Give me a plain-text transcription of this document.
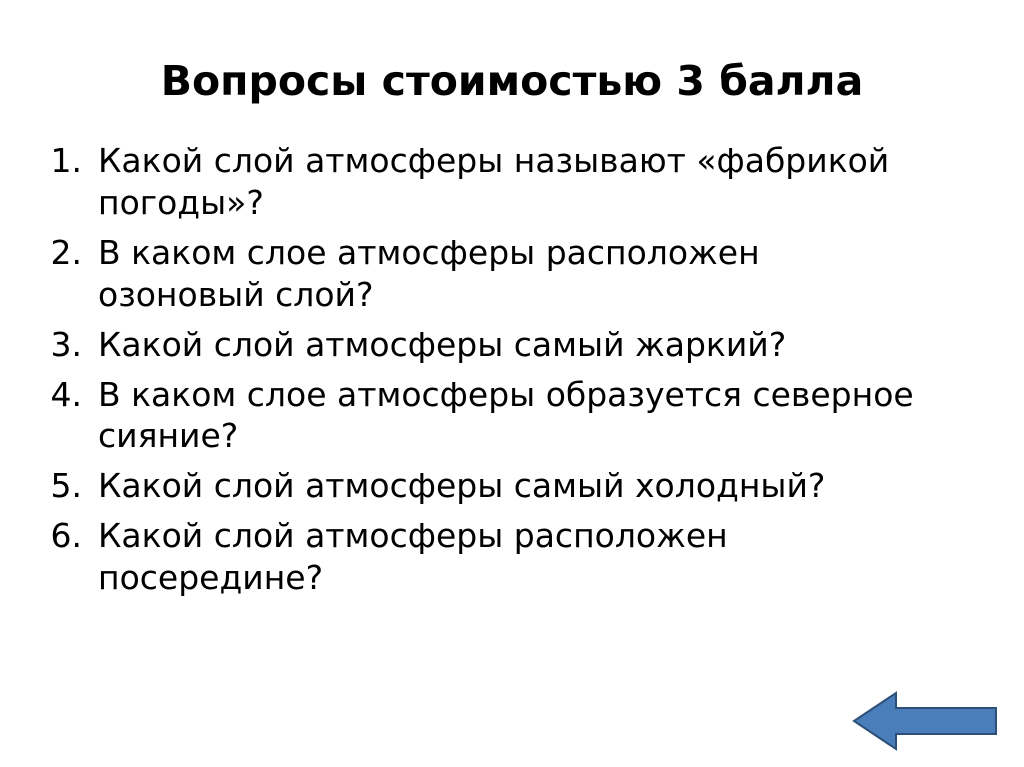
Вопросы стоимостью 3 балла
1. Какой слой атмосферы называют «фабрикой погоды»?
2. В каком слое атмосферы расположен озоновый слой?
3. Какой слой атмосферы самый жаркий?
4. В каком слое атмосферы образуется северное сияние?
5. Какой слой атмосферы самый холодный?
6. Какой слой атмосферы расположен посередине?
